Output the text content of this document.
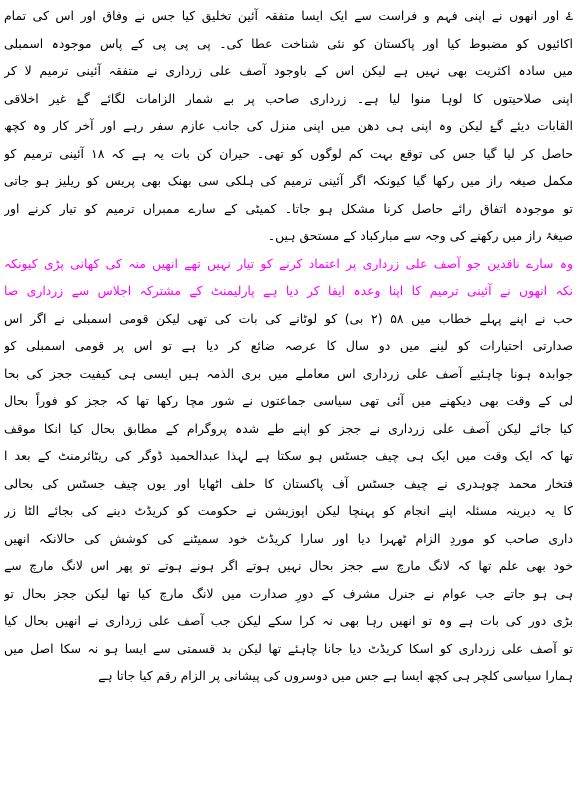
ۓ اور انھوں نے اپنی فہم و فراست سے ایک ایسا متفقہ آئین تخلیق کیا جس نے وفاق اور اس کی تمام
اکائیوں کو مضبوط کیا اور پاکستان کو نئی شناخت عطا کی۔ پی پی پی کے پاس موجودہ اسمبلی
میں سادہ اکثریت بھی نہیں ہے لیکن اس کے باوجود آصف علی زرداری نے متفقہ آئینی ترمیم لا کر
اپنی صلاحیتوں کا لوہا منوا لیا ہے۔ زرداری صاحب پر بے شمار الزامات لگائے گۓ غیر اخلاقی
القابات دیئے گۓ لیکن وہ اپنی ہی دھن میں اپنی منزل کی جانب عازم سفر رہے اور آخر کار وہ کچھ
حاصل کر لیا گیا جس کی توقع بہت کم لوگوں کو تھی۔ حیران کن بات یہ ہے کہ ۱۸ آئینی ترمیم کو
مکمل صیغہ راز میں رکھا گیا کیونکہ اگر آئینی ترمیم کی ہلکی سی بھنک بھی پریس کو ریلیز ہو جاتی
تو موجودہ اتفاق رائے حاصل کرنا مشکل ہو جاتا۔ کمیٹی کے سارے ممبراں ترمیم کو تیار کرنے اور
صیغۂ راز میں رکھنے کی وجہ سے مبارکباد کے مستحق ہیں۔
وہ سارے ناقدین جو آصف علی زرداری پر اعتماد کرنے کو تیار نہیں تھے انھیں منہ کی کھانی پڑی کیونکہ
نکہ انھوں نے آئینی ترمیم کا اپنا وعدہ ایفا کر دیا ہے پارلیمنٹ کے مشترکہ اجلاس سے زرداری صا
حب نے اپنے پہلے خطاب میں ۵۸ (۲ بی) کو لوٹانے کی بات کی تھی لیکن قومی اسمبلی نے اگر اس
صدارتی احتیارات کو لینے میں دو سال کا عرصہ ضائع کر دیا ہے تو اس پر قومی اسمبلی کو
جوابدہ ہونا چاہئیے آصف علی زرداری اس معاملے میں بری الذمہ ہیں ایسی ہی کیفیت ججز کی بحا
لی کے وقت بھی دیکھنے میں آئی تھی سیاسی جماعتوں نے شور مچا رکھا تھا کہ ججز کو فوراً بحال
کیا جائے لیکن آصف علی زرداری نے ججز کو اپنے طے شدہ پروگرام کے مطابق بحال کیا انکا موقف
تھا کہ ایک وقت میں ایک ہی چیف جسٹس ہو سکتا ہے لہذا عبدالحمید ڈوگر کی ریٹائرمنٹ کے بعد ا
فتخار محمد چوہدری نے چیف جسٹس آف پاکستان کا حلف اٹھایا اور یوں چیف جسٹس کی بحالی
کا یہ دیرینہ مسئلہ اپنے انجام کو پہنچا لیکن اپوزیشن نے حکومت کو کریڈٹ دینے کی بجائے الٹا زر
داری صاحب کو موردِ الزام ٹھہرا دیا اور سارا کریڈٹ خود سمیٹنے کی کوشش کی حالانکہ انھیں
خود بھی علم تھا کہ لانگ مارچ سے ججز بحال نہیں ہوتے اگر ہونے ہوتے تو پھر اس لانگ مارچ سے
ہی ہو جاتے جب عوام نے جنرل مشرف کے دورِ صدارت میں لانگ مارچ کیا تھا لیکن ججز بحال تو
بڑی دور کی بات ہے وہ تو انھیں رہا بھی نہ کرا سکے لیکن جب آصف علی زرداری نے انھیں بحال کیا
تو آصف علی زرداری کو اسکا کریڈٹ دیا جانا چاہئے تھا لیکن بد قسمتی سے ایسا ہو نہ سکا اصل میں
ہمارا سیاسی کلچر ہی کچھ ایسا ہے جس میں دوسروں کی پیشانی پر الزام رقم کیا جاتا ہے
